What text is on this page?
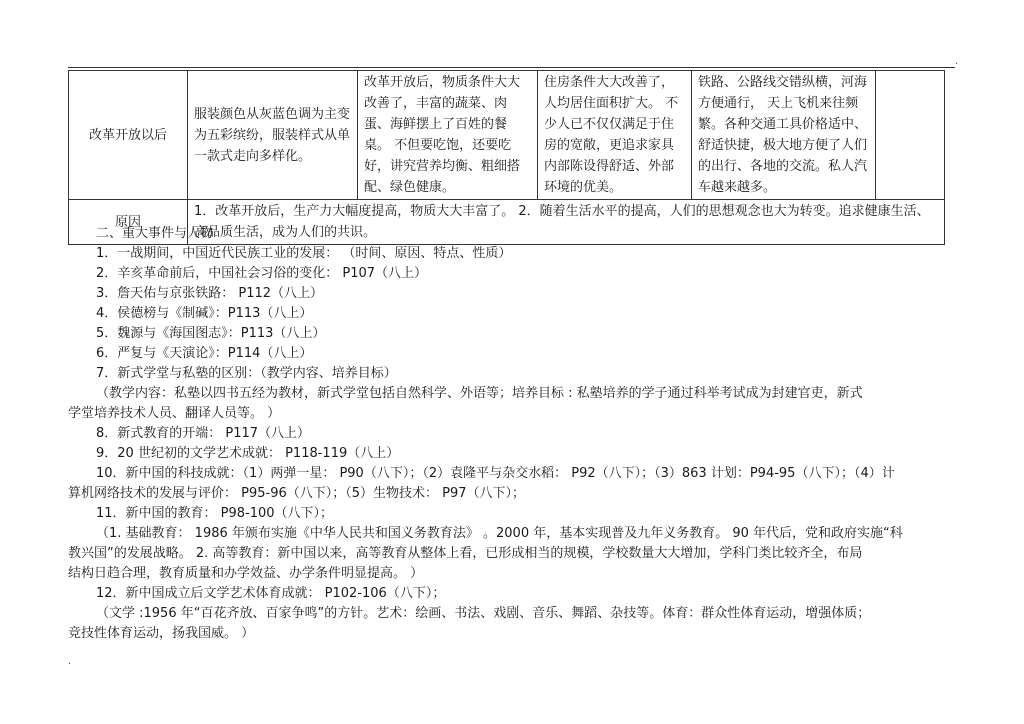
.
.
改革开放以后	服装颜色从灰蓝色调为主变为五彩缤纷，服装样式从单一款式走向多样化。	改革开放后，物质条件大大改善了，丰富的蔬菜、肉蛋、海鲜摆上了百姓的餐桌。 不但要吃饱，还要吃好，讲究营养均衡、粗细搭配、绿色健康。	住房条件大大改善了，人均居住面积扩大。 不少人已不仅仅满足于住房的宽敞，更追求家具内部陈设得舒适、外部环境的优美。	铁路、公路线交错纵横，河海方便通行， 天上飞机来往频繁。各种交通工具价格适中、舒适快捷，极大地方便了人们的出行、各地的交流。私人汽车越来越多。	
原因	1．改革开放后，生产力大幅度提高，物质大大丰富了。 2．随着生活水平的提高，人们的思想观念也大为转变。追求健康生活、高品质生活，成为人们的共识。				
二、重大事件与人物
1．一战期间，中国近代民族工业的发展： （时间、原因、特点、性质）
2．辛亥革命前后，中国社会习俗的变化： P107（八上）
3．詹天佑与京张铁路： P112（八上）
4．侯德榜与《制碱》：P113（八上）
5．魏源与《海国图志》：P113（八上）
6．严复与《天演论》：P114（八上）
7．新式学堂与私塾的区别：（教学内容、培养目标）
（教学内容：私塾以四书五经为教材，新式学堂包括自然科学、外语等；培养目标 : 私塾培养的学子通过科举考试成为封建官吏，新式
学堂培养技术人员、翻译人员等。 ）
8．新式教育的开端： P117（八上）
9．20 世纪初的文学艺术成就： P118-119（八上）
10．新中国的科技成就：（1）两弹一星： P90（八下）；（2）袁隆平与杂交水稻： P92（八下）；（3）863 计划：P94-95（八下）；（4）计
算机网络技术的发展与评价： P95-96（八下）；（5）生物技术： P97（八下）；
11．新中国的教育： P98-100（八下）；
（1. 基础教育： 1986 年颁布实施《中华人民共和国义务教育法》 。2000 年，基本实现普及九年义务教育。 90 年代后，党和政府实施“科
教兴国”的发展战略。 2. 高等教育：新中国以来，高等教育从整体上看，已形成相当的规模，学校数量大大增加，学科门类比较齐全，布局
结构日趋合理，教育质量和办学效益、办学条件明显提高。 ）
12．新中国成立后文学艺术体育成就： P102-106（八下）；
（文学 :1956 年“百花齐放、百家争鸣”的方针。艺术：绘画、书法、戏剧、音乐、舞蹈、杂技等。体育：群众性体育运动，增强体质；
竞技性体育运动，扬我国威。 ）
